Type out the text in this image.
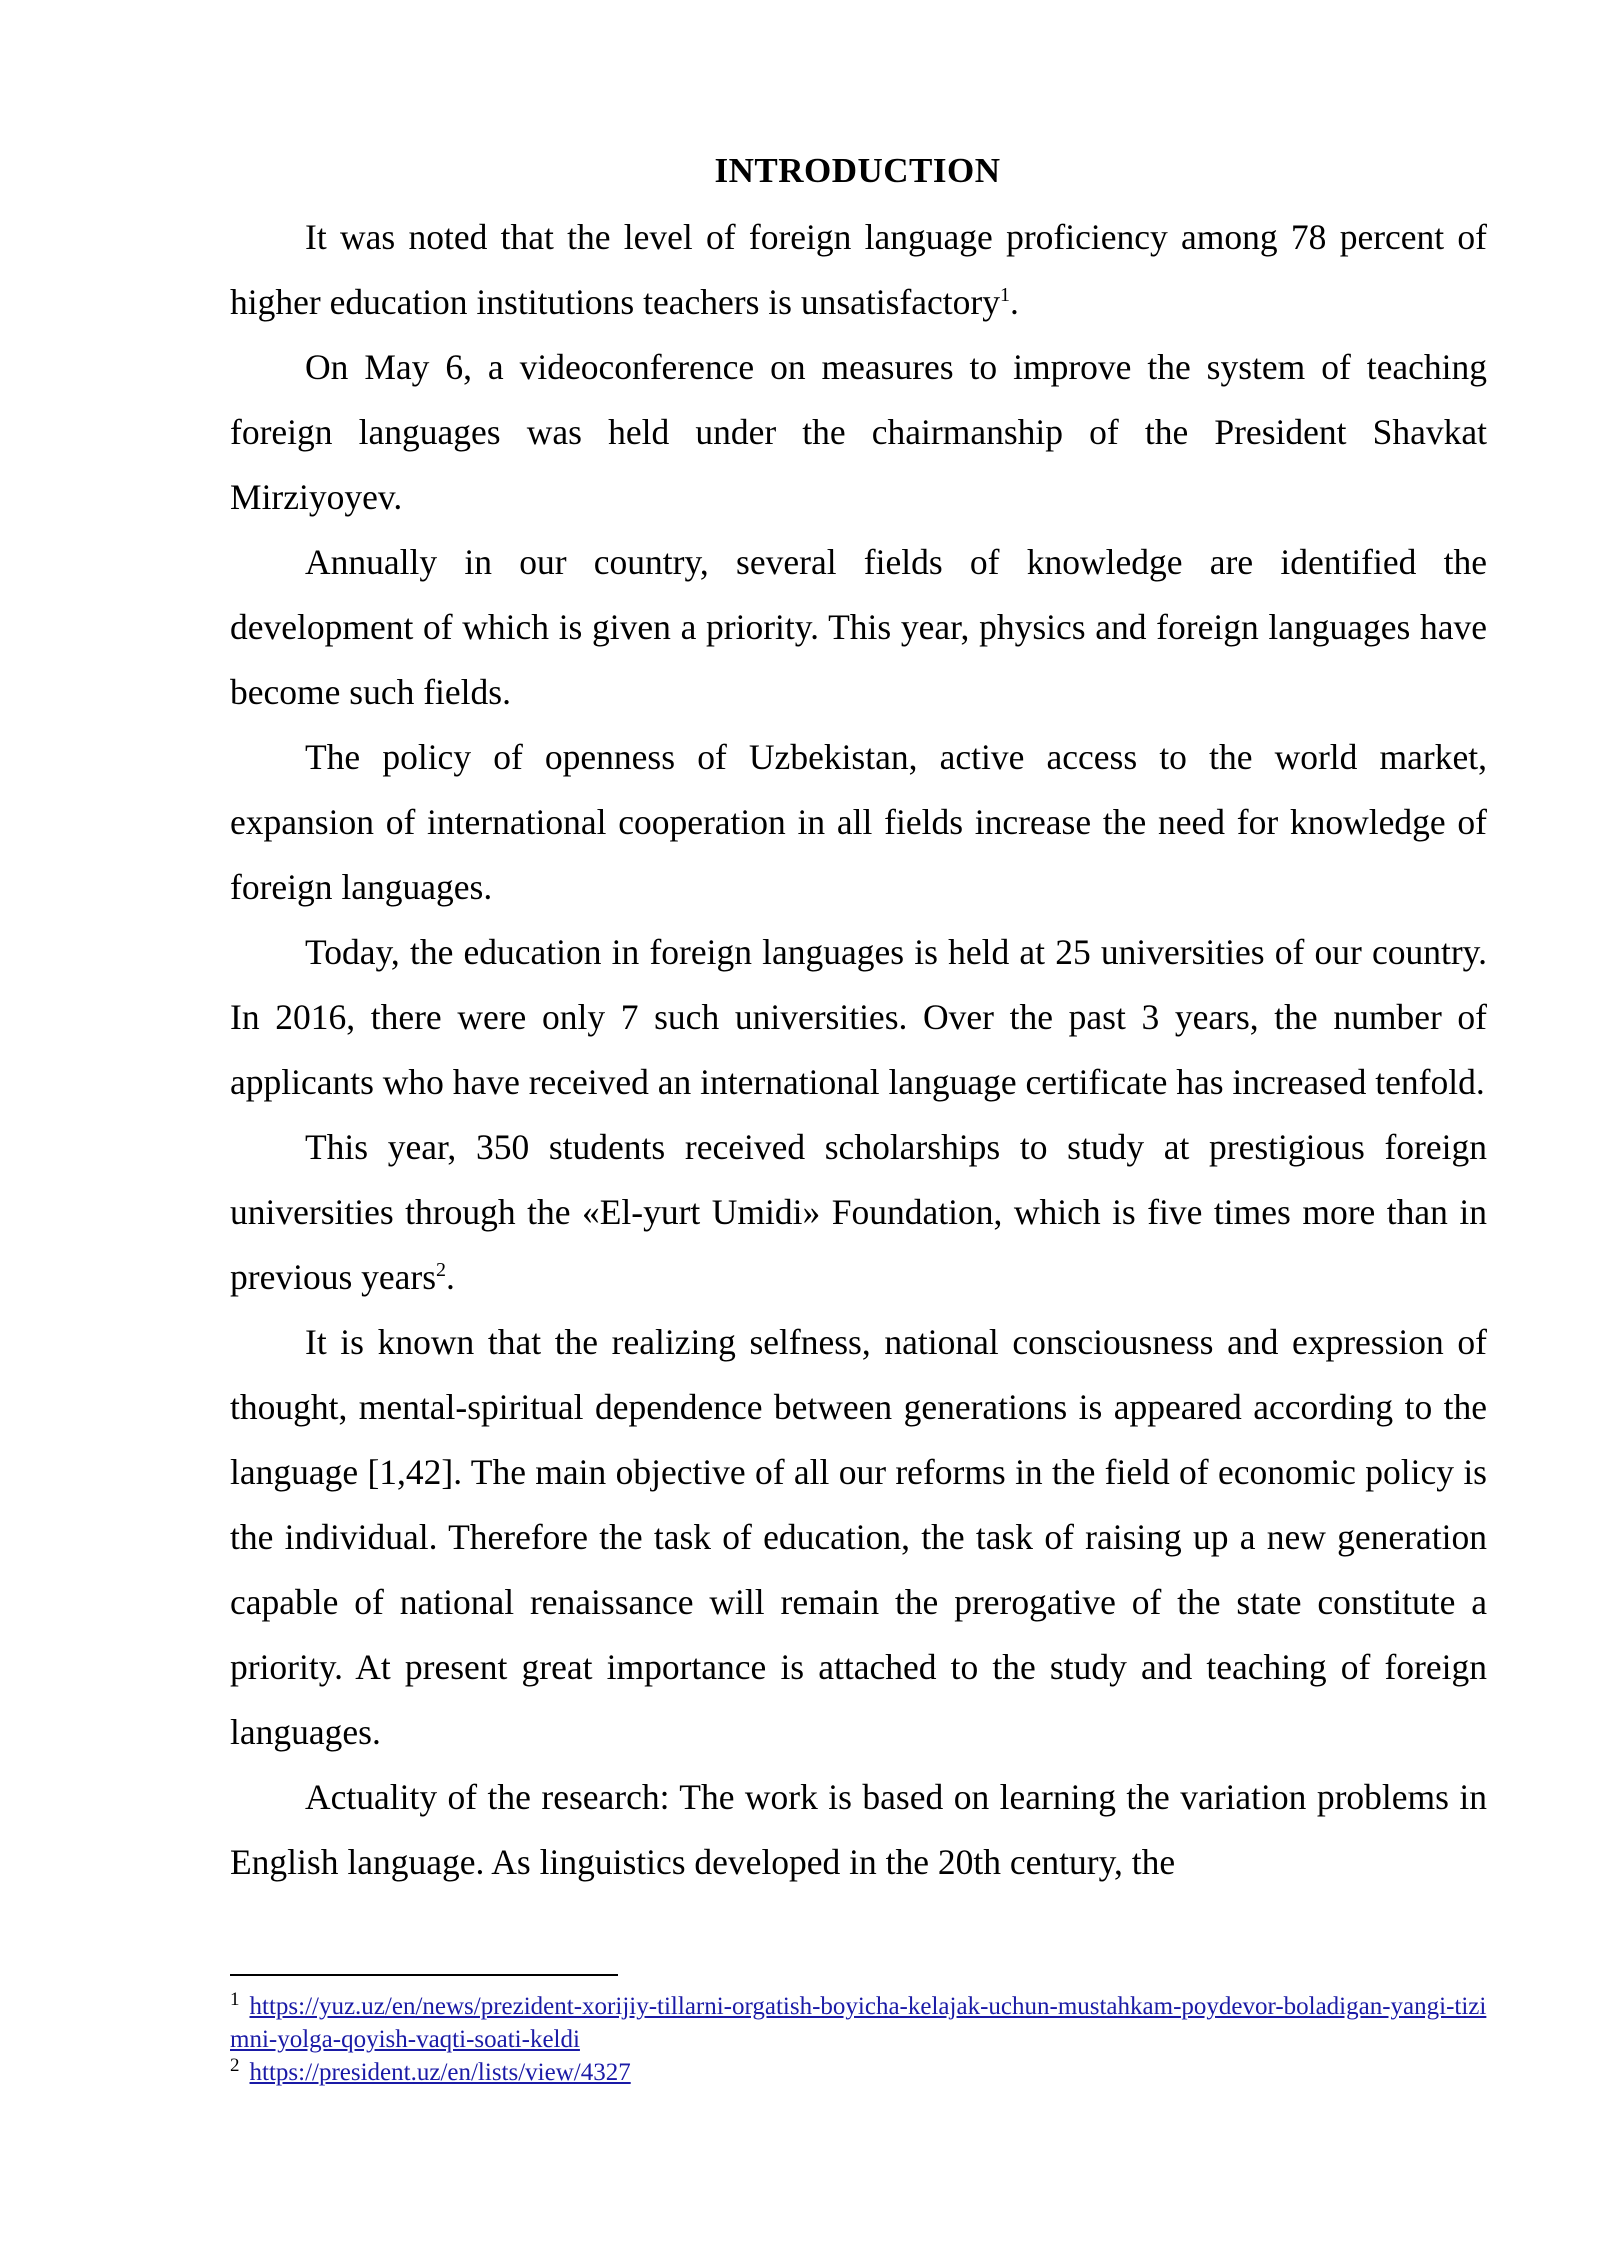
INTRODUCTION

It was noted that the level of foreign language proficiency among 78 percent of higher education institutions teachers is unsatisfactory$^1$.

On May 6, a videoconference on measures to improve the system of teaching foreign languages was held under the chairmanship of the President Shavkat Mirziyoyev.

Annually in our country, several fields of knowledge are identified the development of which is given a priority. This year, physics and foreign languages have become such fields.

The policy of openness of Uzbekistan, active access to the world market, expansion of international cooperation in all fields increase the need for knowledge of foreign languages.

Today, the education in foreign languages is held at 25 universities of our country. In 2016, there were only 7 such universities. Over the past 3 years, the number of applicants who have received an international language certificate has increased tenfold.

This year, 350 students received scholarships to study at prestigious foreign universities through the «El-yurt Umidi» Foundation, which is five times more than in previous years$^2$.

It is known that the realizing selfness, national consciousness and expression of thought, mental-spiritual dependence between generations is appeared according to the language [1,42]. The main objective of all our reforms in the field of economic policy is the individual. Therefore the task of education, the task of raising up a new generation capable of national renaissance will remain the prerogative of the state constitute a priority. At present great importance is attached to the study and teaching of foreign languages.

Actuality of the research: The work is based on learning the variation problems in English language. As linguistics developed in the 20th century, the

$^1$ https://yuz.uz/en/news/prezident-xorijiy-tillarni-orgatish-boyicha-kelajak-uchun-mustahkam-poydevor-boladigan-yangi-tizimni-yolga-qoyish-vaqti-soati-keldi

$^2$ https://president.uz/en/lists/view/4327
